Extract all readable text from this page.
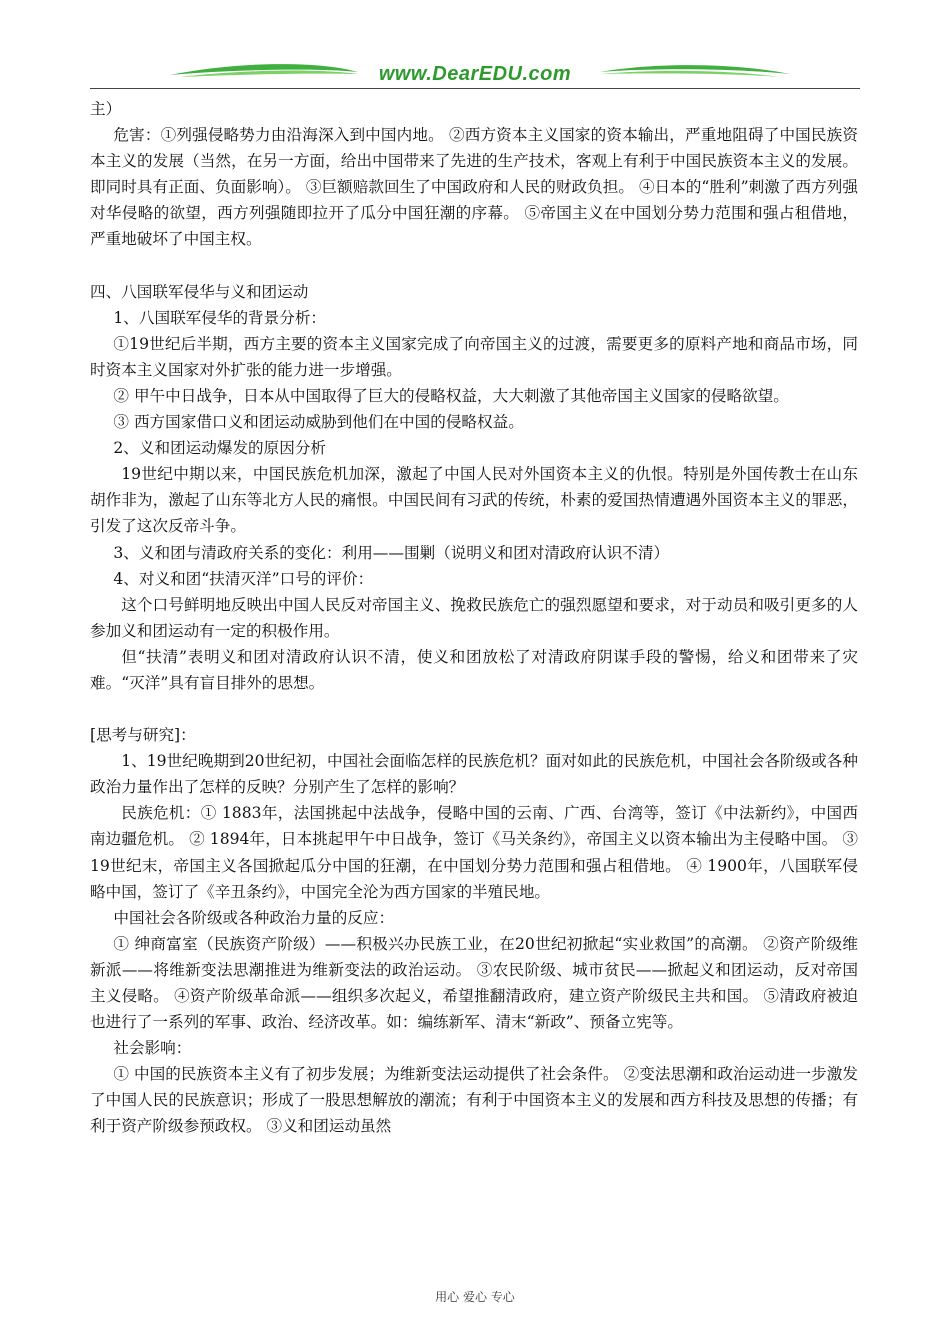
www.DearEDU.com

主）

危害：①列强侵略势力由沿海深入到中国内地。 ②西方资本主义国家的资本输出，严重地阻碍了中国民族资本主义的发展（当然，在另一方面，给出中国带来了先进的生产技术，客观上有利于中国民族资本主义的发展。即同时具有正面、负面影响）。 ③巨额赔款回生了中国政府和人民的财政负担。 ④日本的“胜利”刺激了西方列强对华侵略的欲望，西方列强随即拉开了瓜分中国狂潮的序幕。 ⑤帝国主义在中国划分势力范围和强占租借地，严重地破坏了中国主权。

四、八国联军侵华与义和团运动

1、八国联军侵华的背景分析：

①19世纪后半期，西方主要的资本主义国家完成了向帝国主义的过渡，需要更多的原料产地和商品市场，同时资本主义国家对外扩张的能力进一步增强。

② 甲午中日战争，日本从中国取得了巨大的侵略权益，大大刺激了其他帝国主义国家的侵略欲望。

③ 西方国家借口义和团运动威胁到他们在中国的侵略权益。

2、义和团运动爆发的原因分析

19世纪中期以来，中国民族危机加深，激起了中国人民对外国资本主义的仇恨。特别是外国传教士在山东胡作非为，激起了山东等北方人民的痛恨。中国民间有习武的传统，朴素的爱国热情遭遇外国资本主义的罪恶，引发了这次反帝斗争。

3、义和团与清政府关系的变化：利用——围剿（说明义和团对清政府认识不清）

4、对义和团“扶清灭洋”口号的评价：

这个口号鲜明地反映出中国人民反对帝国主义、挽救民族危亡的强烈愿望和要求，对于动员和吸引更多的人参加义和团运动有一定的积极作用。

但“扶清”表明义和团对清政府认识不清，使义和团放松了对清政府阴谋手段的警惕，给义和团带来了灾难。“灭洋”具有盲目排外的思想。

[思考与研究]：

1、19世纪晚期到20世纪初，中国社会面临怎样的民族危机？面对如此的民族危机，中国社会各阶级或各种政治力量作出了怎样的反映？分别产生了怎样的影响？

民族危机：① 1883年，法国挑起中法战争，侵略中国的云南、广西、台湾等，签订《中法新约》，中国西南边疆危机。 ② 1894年，日本挑起甲午中日战争，签订《马关条约》，帝国主义以资本输出为主侵略中国。 ③ 19世纪末，帝国主义各国掀起瓜分中国的狂潮，在中国划分势力范围和强占租借地。 ④ 1900年，八国联军侵略中国，签订了《辛丑条约》，中国完全沦为西方国家的半殖民地。

中国社会各阶级或各种政治力量的反应：

① 绅商富室（民族资产阶级）——积极兴办民族工业，在20世纪初掀起“实业救国”的高潮。 ②资产阶级维新派——将维新变法思潮推进为维新变法的政治运动。 ③农民阶级、城市贫民——掀起义和团运动，反对帝国主义侵略。 ④资产阶级革命派——组织多次起义，希望推翻清政府，建立资产阶级民主共和国。 ⑤清政府被迫也进行了一系列的军事、政治、经济改革。如：编练新军、清末“新政”、预备立宪等。

社会影响：

① 中国的民族资本主义有了初步发展；为维新变法运动提供了社会条件。 ②变法思潮和政治运动进一步激发了中国人民的民族意识；形成了一股思想解放的潮流；有利于中国资本主义的发展和西方科技及思想的传播；有利于资产阶级参预政权。 ③义和团运动虽然

用心 爱心 专心
